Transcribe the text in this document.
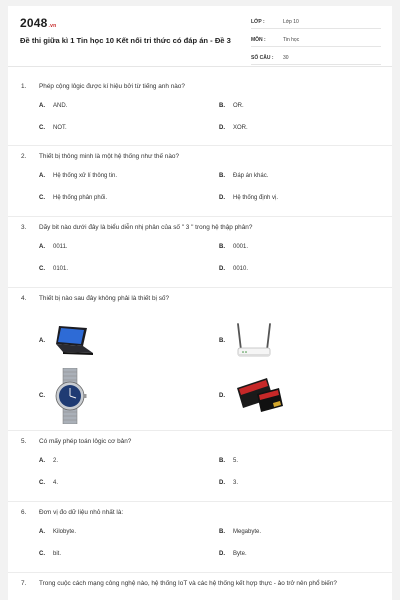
2048.vn
Đề thi giữa kì 1 Tin học 10 Kết nối tri thức có đáp án - Đề 3
LỚP :	Lớp 10
MÔN :	Tin học
SỐ CÂU :	30
1.	Phép cộng lôgic được kí hiệu bởi từ tiếng anh nào?
A.	AND.	B.	OR.
C.	NOT.	D.	XOR.
2.	Thiết bị thông minh là một hệ thống như thế nào?
A.	Hệ thống xử lí thông tin.	B.	Đáp án khác.
C.	Hệ thống phân phối.	D.	Hệ thống định vị.
3.	Dãy bit nào dưới đây là biểu diễn nhị phân của số " 3 " trong hệ thập phân?
A.	0011.	B.	0001.
C.	0101.	D.	0010.
4.	Thiết bị nào sau đây không phải là thiết bị số?
A.	B.
C.	D.
5.	Có mấy phép toán lôgic cơ bản?
A.	2.	B.	5.
C.	4.	D.	3.
6.	Đơn vị đo dữ liệu nhỏ nhất là:
A.	Kilobyte.	B.	Megabyte.
C.	bit.	D.	Byte.
7.	Trong cuộc cách mạng công nghệ nào, hệ thống IoT và các hệ thống kết hợp thực - ảo trở nên phổ biến?
